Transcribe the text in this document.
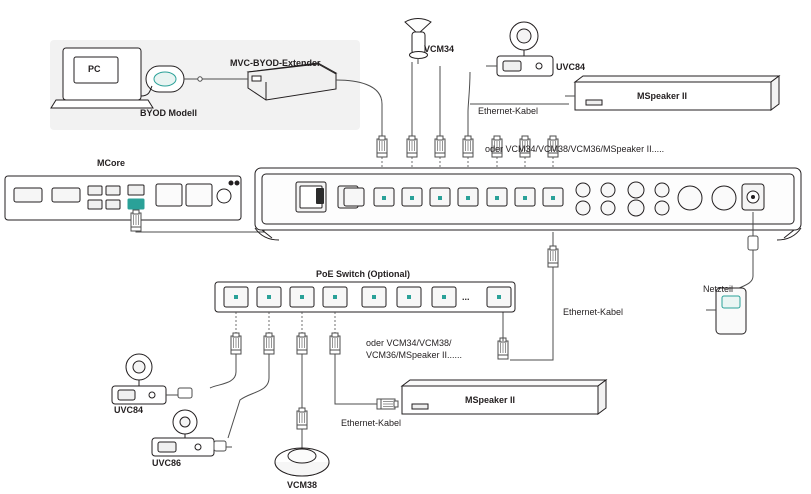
PC
MVC-BYOD-Extender
BYOD Modell
VCM34
UVC84
MSpeaker II
Ethernet-Kabel
oder VCM34/VCM38/VCM36/MSpeaker II.....
MCore
PoE Switch (Optional)
...
oder VCM34/VCM38/
VCM36/MSpeaker II......
Ethernet-Kabel
Netzteil
UVC84
UVC86
VCM38
MSpeaker II
Ethernet-Kabel
